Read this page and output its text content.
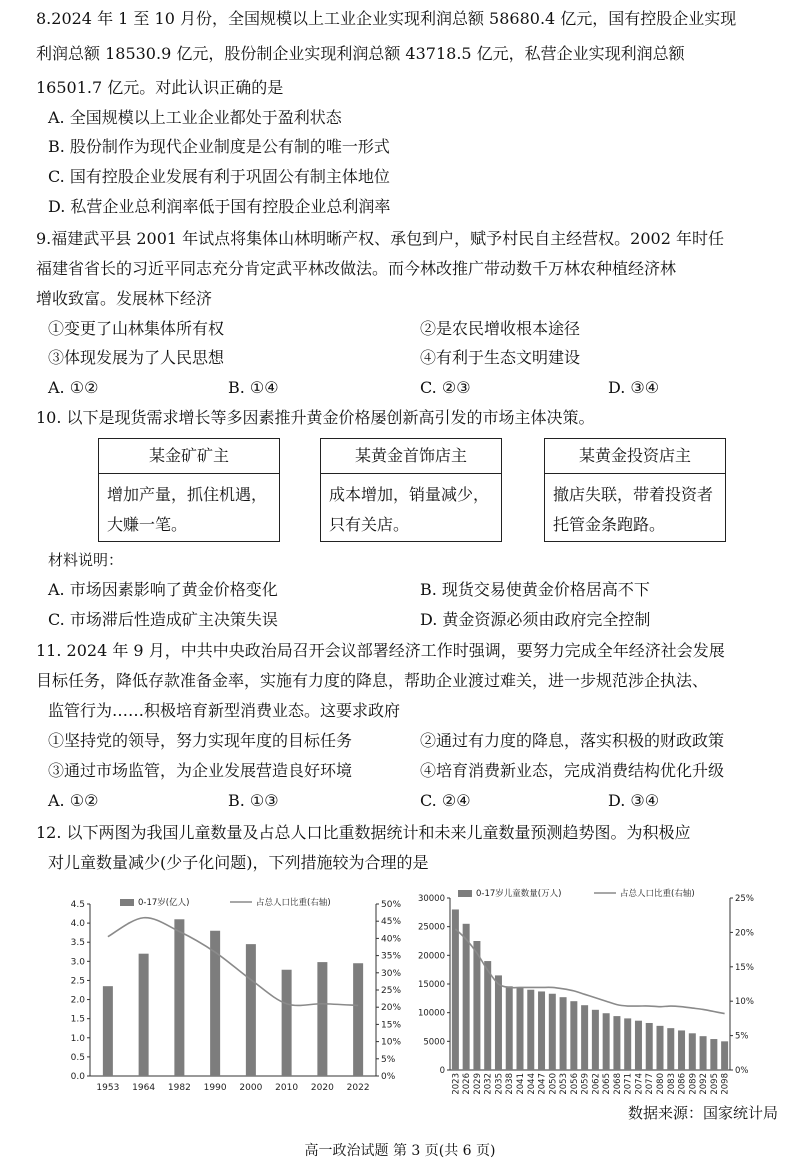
8.2024 年 1 至 10 月份，全国规模以上工业企业实现利润总额 58680.4 亿元，国有控股企业实现
利润总额 18530.9 亿元，股份制企业实现利润总额 43718.5 亿元，私营企业实现利润总额
16501.7 亿元。对此认识正确的是
A. 全国规模以上工业企业都处于盈利状态
B. 股份制作为现代企业制度是公有制的唯一形式
C. 国有控股企业发展有利于巩固公有制主体地位
D. 私营企业总利润率低于国有控股企业总利润率
9.福建武平县 2001 年试点将集体山林明晰产权、承包到户，赋予村民自主经营权。2002 年时任
福建省省长的习近平同志充分肯定武平林改做法。而今林改推广带动数千万林农种植经济林
增收致富。发展林下经济
①变更了山林集体所有权	②是农民增收根本途径
③体现发展为了人民思想	④有利于生态文明建设
A. ①②	B. ①④	C. ②③	D. ③④
10. 以下是现货需求增长等多因素推升黄金价格屡创新高引发的市场主体决策。
某金矿矿主
增加产量，抓住机遇，大赚一笔。
某黄金首饰店主
成本增加，销量减少，只有关店。
某黄金投资店主
撤店失联，带着投资者托管金条跑路。
材料说明：
A. 市场因素影响了黄金价格变化	B. 现货交易使黄金价格居高不下
C. 市场滞后性造成矿主决策失误	D. 黄金资源必须由政府完全控制
11. 2024 年 9 月，中共中央政治局召开会议部署经济工作时强调，要努力完成全年经济社会发展
目标任务，降低存款准备金率，实施有力度的降息，帮助企业渡过难关，进一步规范涉企执法、
监管行为……积极培育新型消费业态。这要求政府
①坚持党的领导，努力实现年度的目标任务	②通过有力度的降息，落实积极的财政政策
③通过市场监管，为企业发展营造良好环境	④培育消费新业态，完成消费结构优化升级
A. ①②	B. ①③	C. ②④	D. ③④
12. 以下两图为我国儿童数量及占总人口比重数据统计和未来儿童数量预测趋势图。为积极应
对儿童数量减少(少子化问题)，下列措施较为合理的是
0.0
0.5
1.0
1.5
2.0
2.5
3.0
3.5
4.0
4.5
0%
5%
10%
15%
20%
25%
30%
35%
40%
45%
50%
1953 1964 1982 1990 2000 2010 2020 2022
0-17岁(亿人)	占总人口比重(右轴)
0
5000
10000
15000
20000
25000
30000
0%
5%
10%
15%
20%
25%
2023 2026 2029 2032 2035 2038 2041 2044 2047 2050 2053 2056 2059 2062 2065 2068 2071 2074 2077 2080 2083 2086 2089 2092 2095 2098
0-17岁儿童数量(万人)	占总人口比重(右轴)
数据来源：国家统计局
高一政治试题 第 3 页(共 6 页)
